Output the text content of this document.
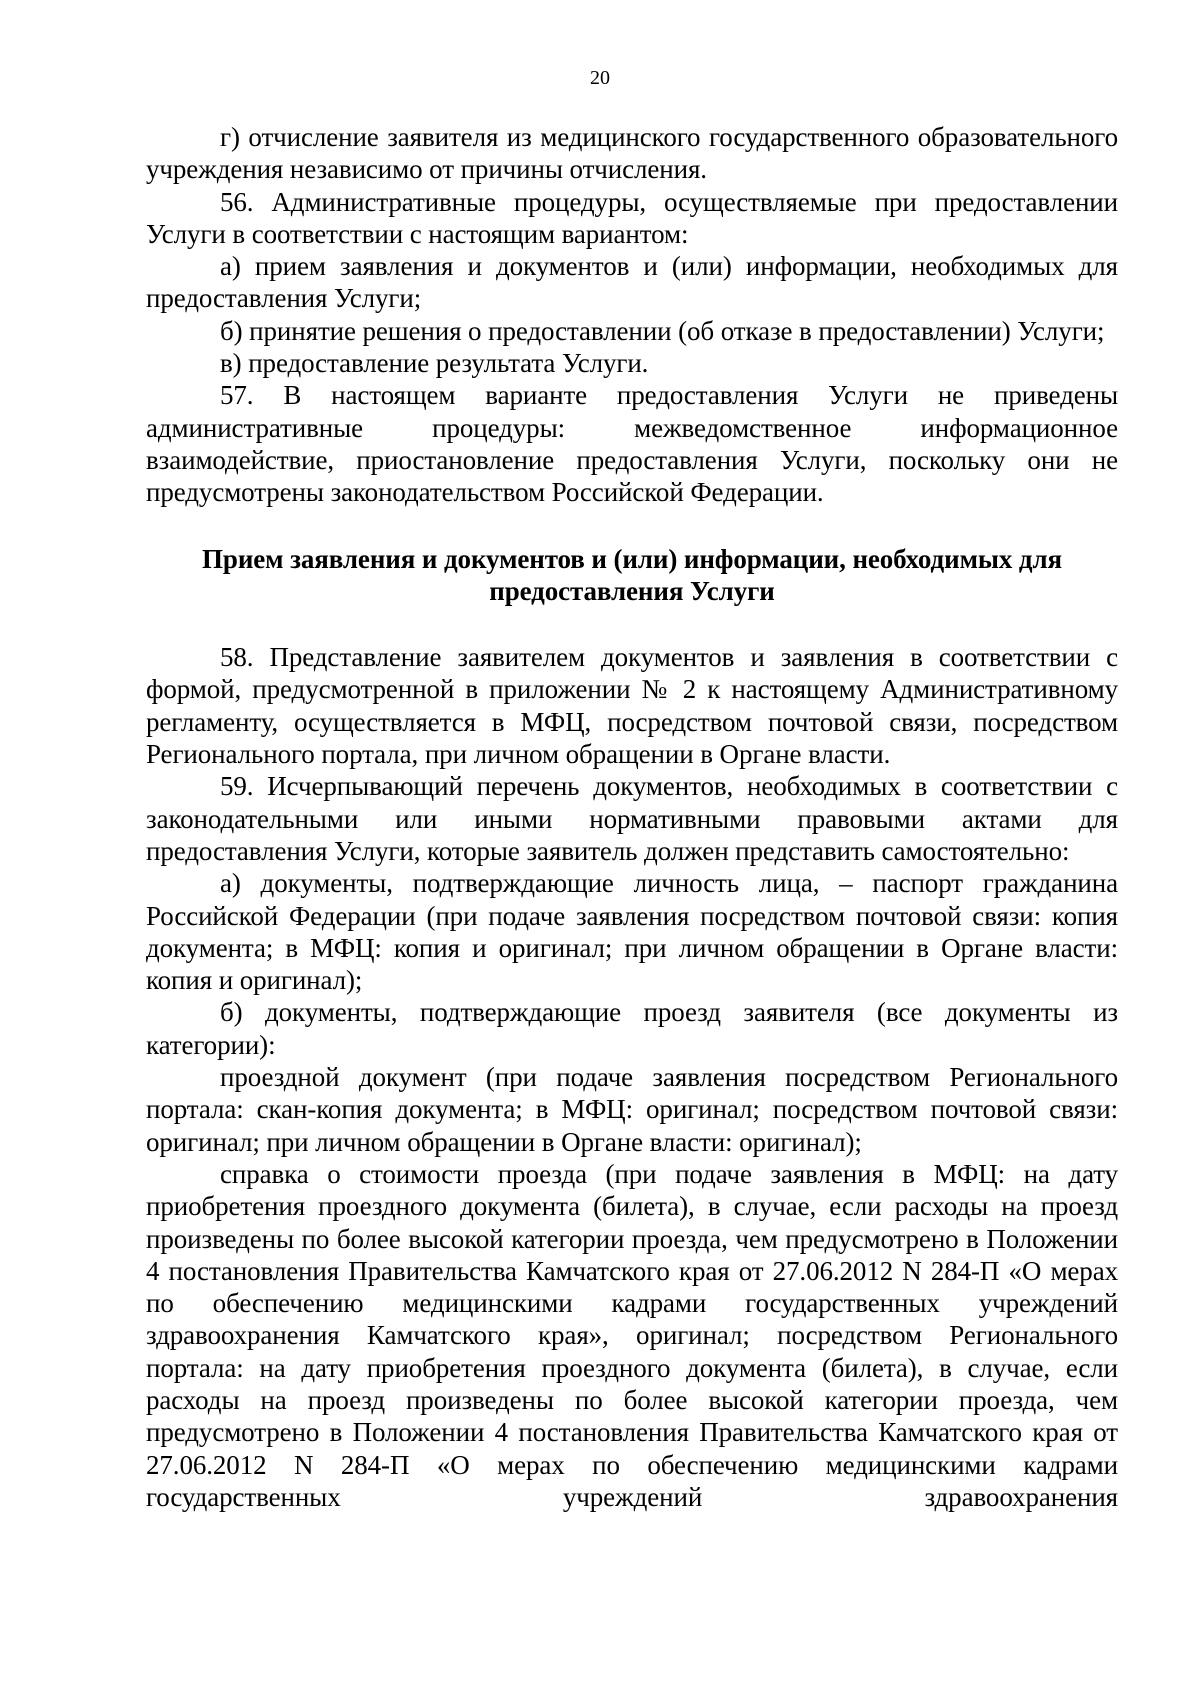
20

г) отчисление заявителя из медицинского государственного образовательного учреждения независимо от причины отчисления.

56. Административные процедуры, осуществляемые при предоставлении Услуги в соответствии с настоящим вариантом:

а) прием заявления и документов и (или) информации, необходимых для предоставления Услуги;

б) принятие решения о предоставлении (об отказе в предоставлении) Услуги;

в) предоставление результата Услуги.

57. В настоящем варианте предоставления Услуги не приведены административные процедуры: межведомственное информационное взаимодействие, приостановление предоставления Услуги, поскольку они не предусмотрены законодательством Российской Федерации.

Прием заявления и документов и (или) информации, необходимых для предоставления Услуги

58. Представление заявителем документов и заявления в соответствии с формой, предусмотренной в приложении № 2 к настоящему Административному регламенту, осуществляется в МФЦ, посредством почтовой связи, посредством Регионального портала, при личном обращении в Органе власти.

59. Исчерпывающий перечень документов, необходимых в соответствии с законодательными или иными нормативными правовыми актами для предоставления Услуги, которые заявитель должен представить самостоятельно:

а) документы, подтверждающие личность лица, – паспорт гражданина Российской Федерации (при подаче заявления посредством почтовой связи: копия документа; в МФЦ: копия и оригинал; при личном обращении в Органе власти: копия и оригинал);

б) документы, подтверждающие проезд заявителя (все документы из категории):

проездной документ (при подаче заявления посредством Регионального портала: скан-копия документа; в МФЦ: оригинал; посредством почтовой связи: оригинал; при личном обращении в Органе власти: оригинал);

справка о стоимости проезда (при подаче заявления в МФЦ: на дату приобретения проездного документа (билета), в случае, если расходы на проезд произведены по более высокой категории проезда, чем предусмотрено в Положении 4 постановления Правительства Камчатского края от 27.06.2012 N 284-П «О мерах по обеспечению медицинскими кадрами государственных учреждений здравоохранения Камчатского края», оригинал; посредством Регионального портала: на дату приобретения проездного документа (билета), в случае, если расходы на проезд произведены по более высокой категории проезда, чем предусмотрено в Положении 4 постановления Правительства Камчатского края от 27.06.2012 N 284-П «О мерах по обеспечению медицинскими кадрами государственных учреждений здравоохранения
